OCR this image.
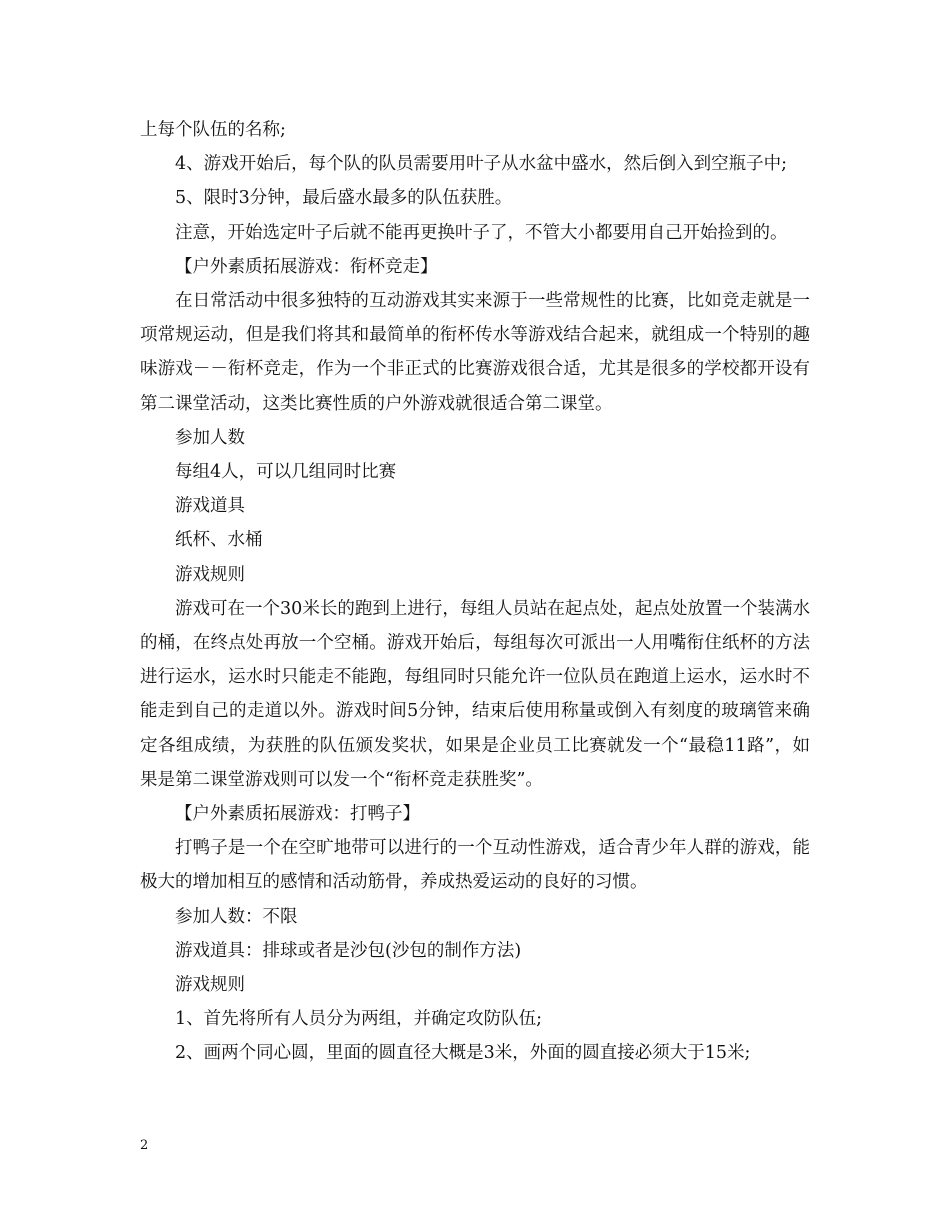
上每个队伍的名称;

4、游戏开始后，每个队的队员需要用叶子从水盆中盛水，然后倒入到空瓶子中;

5、限时3分钟，最后盛水最多的队伍获胜。

注意，开始选定叶子后就不能再更换叶子了，不管大小都要用自己开始捡到的。

【户外素质拓展游戏：衔杯竞走】

在日常活动中很多独特的互动游戏其实来源于一些常规性的比赛，比如竞走就是一项常规运动，但是我们将其和最简单的衔杯传水等游戏结合起来，就组成一个特别的趣味游戏－－衔杯竞走，作为一个非正式的比赛游戏很合适，尤其是很多的学校都开设有第二课堂活动，这类比赛性质的户外游戏就很适合第二课堂。

参加人数

每组4人，可以几组同时比赛

游戏道具

纸杯、水桶

游戏规则

游戏可在一个30米长的跑到上进行，每组人员站在起点处，起点处放置一个装满水的桶，在终点处再放一个空桶。游戏开始后，每组每次可派出一人用嘴衔住纸杯的方法进行运水，运水时只能走不能跑，每组同时只能允许一位队员在跑道上运水，运水时不能走到自己的走道以外。游戏时间5分钟，结束后使用称量或倒入有刻度的玻璃管来确定各组成绩，为获胜的队伍颁发奖状，如果是企业员工比赛就发一个“最稳11路”，如果是第二课堂游戏则可以发一个“衔杯竞走获胜奖”。

【户外素质拓展游戏：打鸭子】

打鸭子是一个在空旷地带可以进行的一个互动性游戏，适合青少年人群的游戏，能极大的增加相互的感情和活动筋骨，养成热爱运动的良好的习惯。

参加人数：不限

游戏道具：排球或者是沙包(沙包的制作方法)

游戏规则

1、首先将所有人员分为两组，并确定攻防队伍;

2、画两个同心圆，里面的圆直径大概是3米，外面的圆直接必须大于15米;

2
